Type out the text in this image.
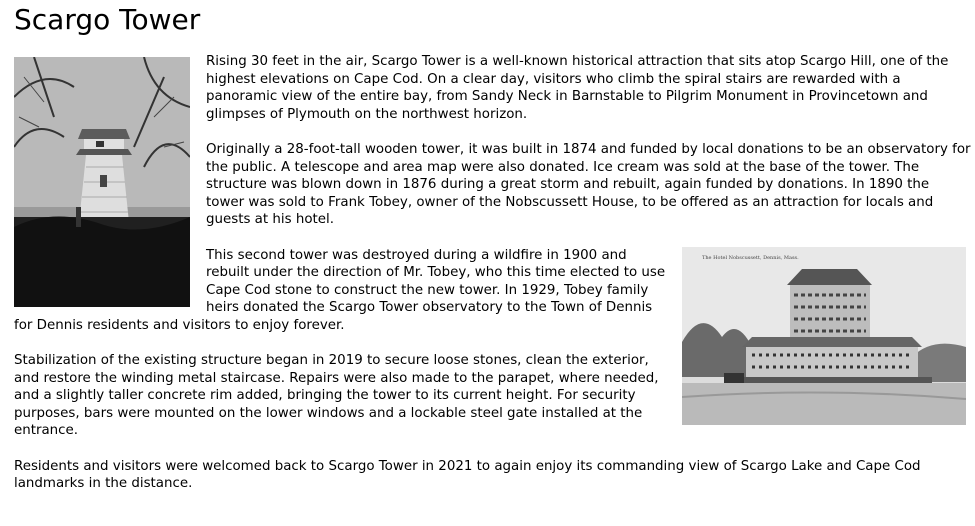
Scargo Tower

Rising 30 feet in the air, Scargo Tower is a well-known historical attraction that sits atop Scargo Hill, one of the highest elevations on Cape Cod. On a clear day, visitors who climb the spiral stairs are rewarded with a panoramic view of the entire bay, from Sandy Neck in Barnstable to Pilgrim Monument in Provincetown and glimpses of Plymouth on the northwest horizon.

Originally a 28-foot-tall wooden tower, it was built in 1874 and funded by local donations to be an observatory for the public. A telescope and area map were also donated. Ice cream was sold at the base of the tower. The structure was blown down in 1876 during a great storm and rebuilt, again funded by donations. In 1890 the tower was sold to Frank Tobey, owner of the Nobscussett House, to be offered as an attraction for locals and guests at his hotel.

The Hotel Nobscussett, Dennis, Mass.

This second tower was destroyed during a wildfire in 1900 and rebuilt under the direction of Mr. Tobey, who this time elected to use Cape Cod stone to construct the new tower. In 1929, Tobey family heirs donated the Scargo Tower observatory to the Town of Dennis for Dennis residents and visitors to enjoy forever.

Stabilization of the existing structure began in 2019 to secure loose stones, clean the exterior, and restore the winding metal staircase. Repairs were also made to the parapet, where needed, and a slightly taller concrete rim added, bringing the tower to its current height. For security purposes, bars were mounted on the lower windows and a lockable steel gate installed at the entrance.

Residents and visitors were welcomed back to Scargo Tower in 2021 to again enjoy its commanding view of Scargo Lake and Cape Cod landmarks in the distance.
